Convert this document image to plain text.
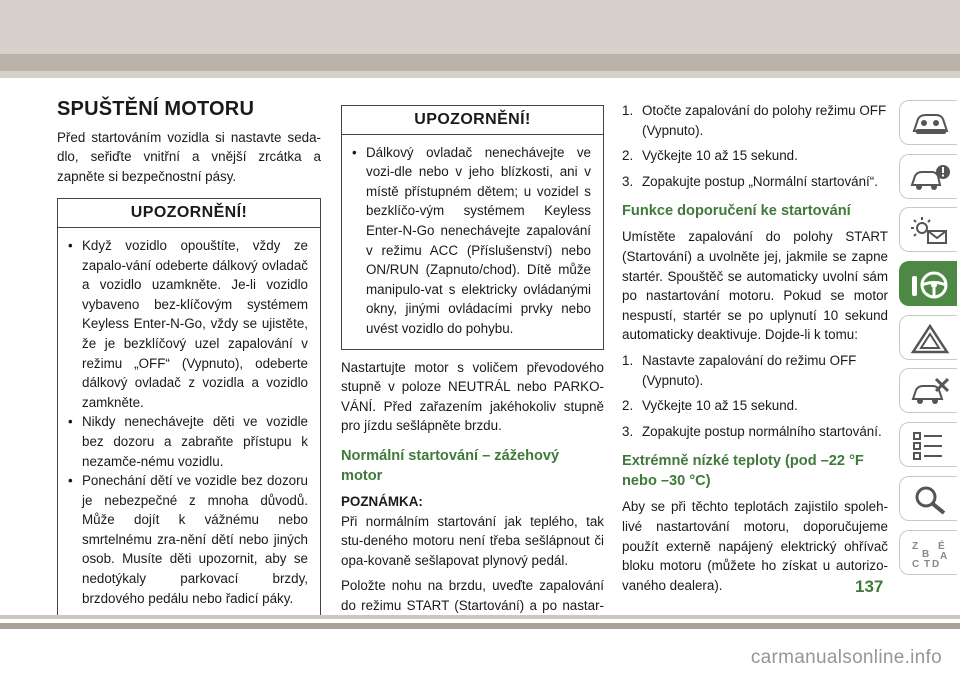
SPUŠTĚNÍ MOTORU

Před startováním vozidla si nastavte seda-dlo, seřiďte vnitřní a vnější zrcátka a zapněte si bezpečnostní pásy.

UPOZORNĚNÍ!
• Když vozidlo opouštíte, vždy ze zapalo-vání odeberte dálkový ovladač a vozidlo uzamkněte. Je-li vozidlo vybaveno bez-klíčovým systémem Keyless Enter-N-Go, vždy se ujistěte, že je bezklíčový uzel zapalování v režimu „OFF“ (Vypnuto), odeberte dálkový ovladač z vozidla a vozidlo zamkněte.
• Nikdy nenechávejte děti ve vozidle bez dozoru a zabraňte přístupu k nezamče-nému vozidlu.
• Ponechání dětí ve vozidle bez dozoru je nebezpečné z mnoha důvodů. Může dojít k vážnému nebo smrtelnému zra-nění dětí nebo jiných osob. Musíte děti upozornit, aby se nedotýkaly parkovací brzdy, brzdového pedálu nebo řadicí páky.
UPOZORNĚNÍ!
• Dálkový ovladač nenechávejte ve vozi-dle nebo v jeho blízkosti, ani v místě přístupném dětem; u vozidel s bezklíčo-vým systémem Keyless Enter-N-Go nenechávejte zapalování v režimu ACC (Příslušenství) nebo ON/RUN (Zapnuto/chod). Dítě může manipulo-vat s elektricky ovládanými okny, jinými ovládacími prvky nebo uvést vozidlo do pohybu.

Nastartujte motor s voličem převodového stupně v poloze NEUTRÁL nebo PARKO-VÁNÍ. Před zařazením jakéhokoliv stupně pro jízdu sešlápněte brzdu.

Normální startování – zážehový motor

POZNÁMKA:

Při normálním startování jak teplého, tak stu-deného motoru není třeba sešlápnout či opa-kovaně sešlapovat plynový pedál.

Položte nohu na brzdu, uveďte zapalování do režimu START (Startování) a po nastar-

1. Otočte zapalování do polohy režimu OFF (Vypnuto).
2. Vyčkejte 10 až 15 sekund.
3. Zopakujte postup „Normální startování“.
Funkce doporučení ke startování

Umístěte zapalování do polohy START (Startování) a uvolněte jej, jakmile se zapne startér. Spouštěč se automaticky uvolní sám po nastartování motoru. Pokud se motor nespustí, startér se po uplynutí 10 sekund automaticky deaktivuje. Dojde-li k tomu:

1. Nastavte zapalování do režimu OFF (Vypnuto).
2. Vyčkejte 10 až 15 sekund.
3. Zopakujte postup normálního startování.
Extrémně nízké teploty (pod –22 °F nebo –30 °C)

Aby se při těchto teplotách zajistilo spoleh-livé nastartování motoru, doporučujeme použít externě napájený elektrický ohřívač bloku motoru (můžete ho získat u autorizo-vaného dealera).

Z
B
É
A
C D
T
137
carmanualsonline.info
